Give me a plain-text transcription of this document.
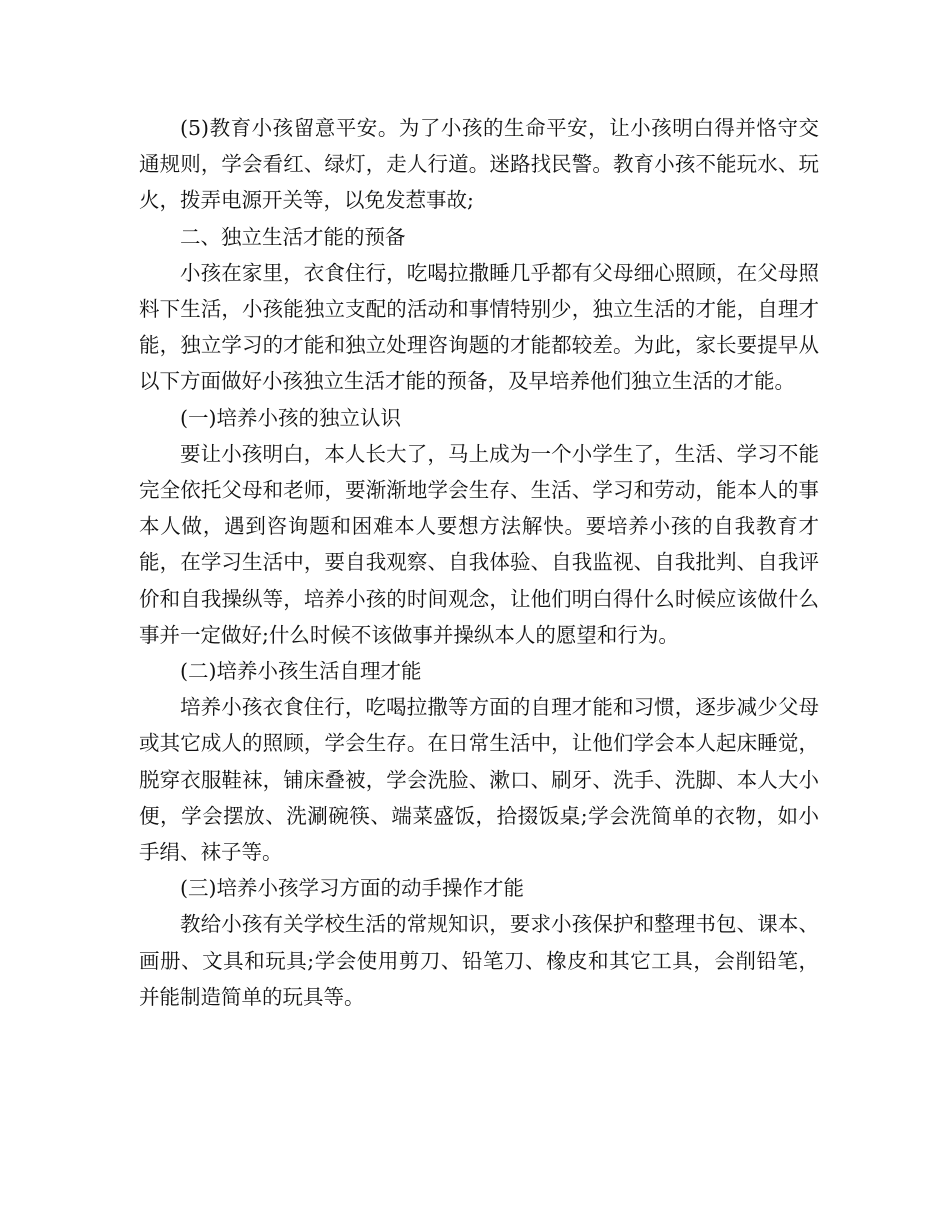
(5)教育小孩留意平安。为了小孩的生命平安，让小孩明白得并恪守交通规则，学会看红、绿灯，走人行道。迷路找民警。教育小孩不能玩水、玩火，拨弄电源开关等，以免发惹事故;

二、独立生活才能的预备

小孩在家里，衣食住行，吃喝拉撒睡几乎都有父母细心照顾，在父母照料下生活，小孩能独立支配的活动和事情特别少，独立生活的才能，自理才能，独立学习的才能和独立处理咨询题的才能都较差。为此，家长要提早从以下方面做好小孩独立生活才能的预备，及早培养他们独立生活的才能。

(一)培养小孩的独立认识

要让小孩明白，本人长大了，马上成为一个小学生了，生活、学习不能完全依托父母和老师，要渐渐地学会生存、生活、学习和劳动，能本人的事本人做，遇到咨询题和困难本人要想方法解快。要培养小孩的自我教育才能，在学习生活中，要自我观察、自我体验、自我监视、自我批判、自我评价和自我操纵等，培养小孩的时间观念，让他们明白得什么时候应该做什么事并一定做好;什么时候不该做事并操纵本人的愿望和行为。

(二)培养小孩生活自理才能

培养小孩衣食住行，吃喝拉撒等方面的自理才能和习惯，逐步减少父母或其它成人的照顾，学会生存。在日常生活中，让他们学会本人起床睡觉，脱穿衣服鞋袜，铺床叠被，学会洗脸、漱口、刷牙、洗手、洗脚、本人大小便，学会摆放、洗涮碗筷、端菜盛饭，拾掇饭桌;学会洗简单的衣物，如小手绢、袜子等。

(三)培养小孩学习方面的动手操作才能

教给小孩有关学校生活的常规知识，要求小孩保护和整理书包、课本、画册、文具和玩具;学会使用剪刀、铅笔刀、橡皮和其它工具，会削铅笔，并能制造简单的玩具等。
